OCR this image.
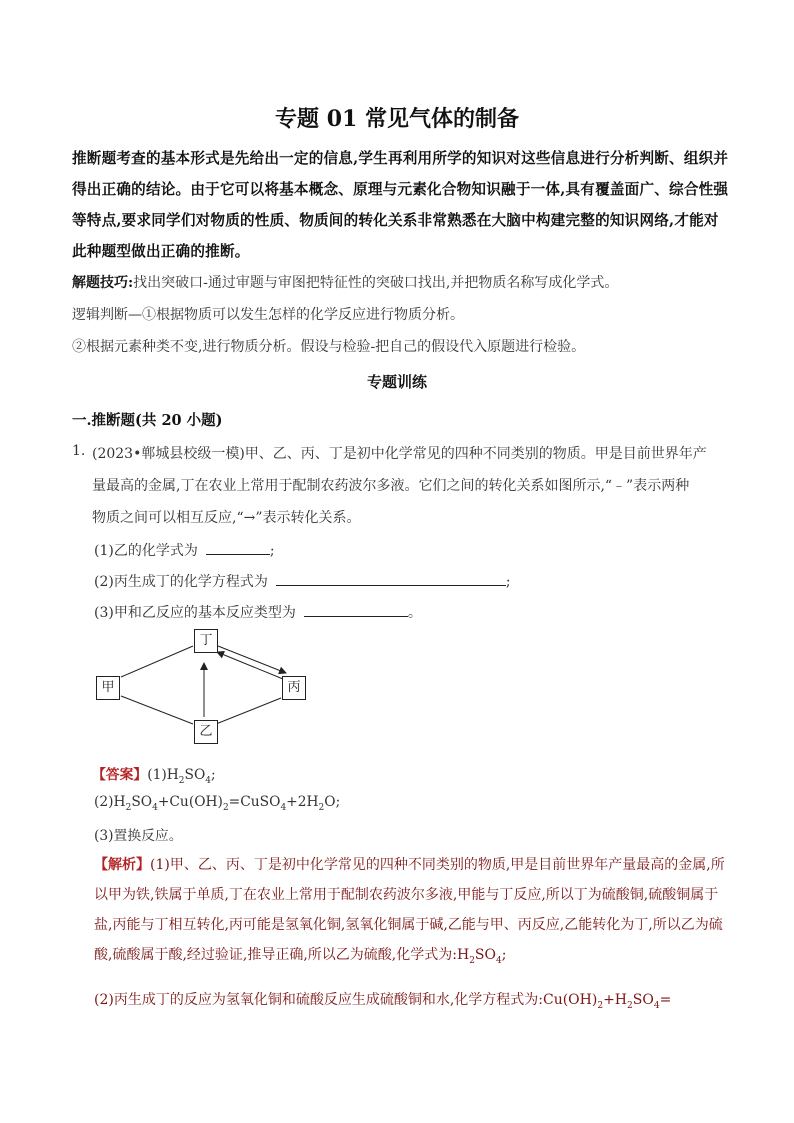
专题 01 常见气体的制备
推断题考查的基本形式是先给出一定的信息,学生再利用所学的知识对这些信息进行分析判断、组织并得出正确的结论。由于它可以将基本概念、原理与元素化合物知识融于一体,具有覆盖面广、综合性强等特点,要求同学们对物质的性质、物质间的转化关系非常熟悉在大脑中构建完整的知识网络,才能对此种题型做出正确的推断。
解题技巧:找出突破口-通过审题与审图把特征性的突破口找出,并把物质名称写成化学式。
逻辑判断—①根据物质可以发生怎样的化学反应进行物质分析。
②根据元素种类不变,进行物质分析。假设与检验-把自己的假设代入原题进行检验。
专题训练
一.推断题(共 20 小题)
1. (2023•郸城县校级一模)甲、乙、丙、丁是初中化学常见的四种不同类别的物质。甲是目前世界年产
量最高的金属,丁在农业上常用于配制农药波尔多液。它们之间的转化关系如图所示,“﹣”表示两种
物质之间可以相互反应,“→”表示转化关系。
(1)乙的化学式为	;
(2)丙生成丁的化学方程式为	;
(3)甲和乙反应的基本反应类型为	。
丁
甲	丙
乙
【答案】$(1)H_2SO_4$;
$(2)H_2SO_4+Cu(OH)_2=CuSO_4+2H_2O$;
(3)置换反应。
【解析】(1)甲、乙、丙、丁是初中化学常见的四种不同类别的物质,甲是目前世界年产量最高的金属,所以甲为铁,铁属于单质,丁在农业上常用于配制农药波尔多液,甲能与丁反应,所以丁为硫酸铜,硫酸铜属于盐,丙能与丁相互转化,丙可能是氢氧化铜,氢氧化铜属于碱,乙能与甲、丙反应,乙能转化为丁,所以乙为硫酸,硫酸属于酸,经过验证,推导正确,所以乙为硫酸,化学式为$:H_2SO_4$;
(2)丙生成丁的反应为氢氧化铜和硫酸反应生成硫酸铜和水,化学方程式为$:Cu(OH)_2+H_2SO_4=$
